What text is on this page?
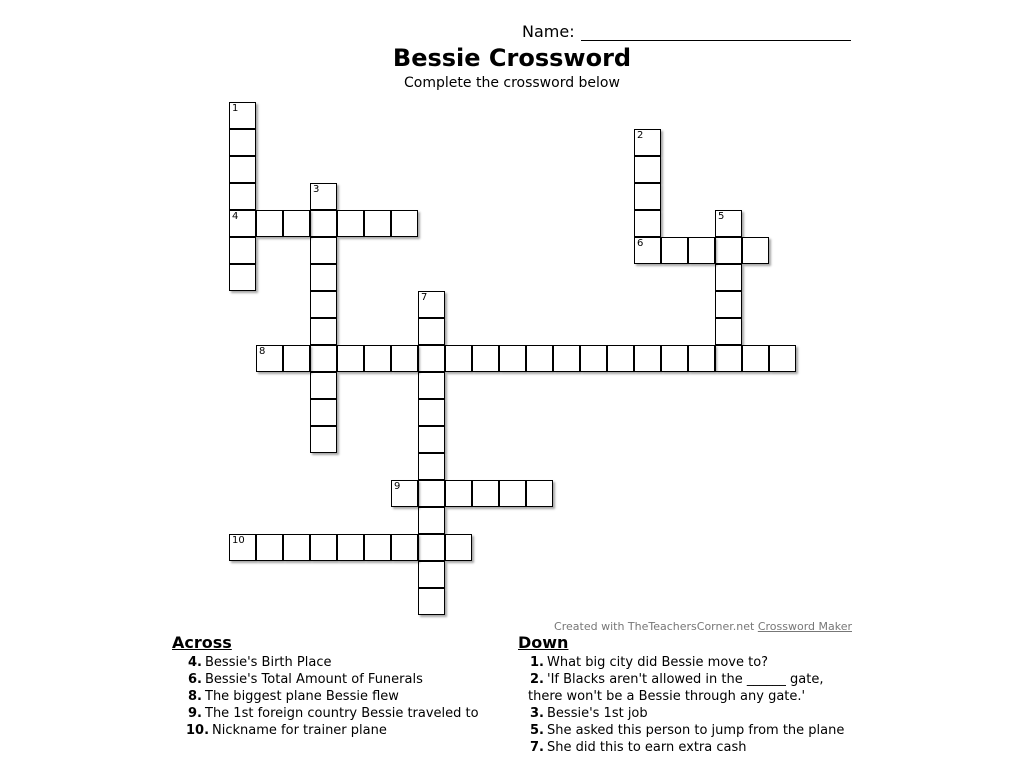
Name:
Bessie Crossword
Complete the crossword below
1
4
2
6
3
5
7
8
9
10
Created with TheTeachersCorner.net Crossword Maker
Across
4. Bessie's Birth Place
6. Bessie's Total Amount of Funerals
8. The biggest plane Bessie flew
9. The 1st foreign country Bessie traveled to
10. Nickname for trainer plane
Down
1. What big city did Bessie move to?
2. 'If Blacks aren't allowed in the ______ gate, there won't be a Bessie through any gate.'
3. Bessie's 1st job
5. She asked this person to jump from the plane
7. She did this to earn extra cash
